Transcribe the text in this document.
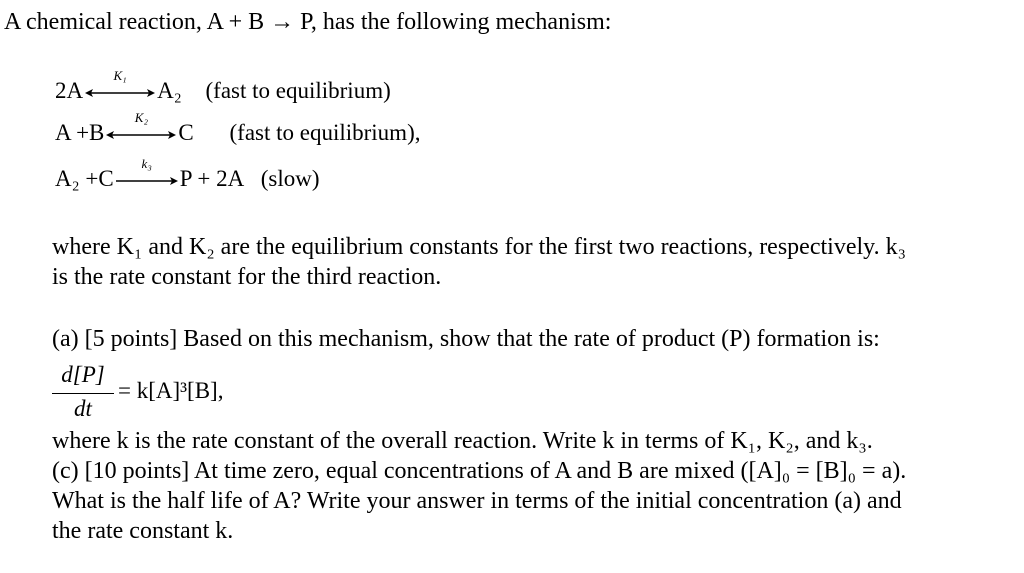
A chemical reaction, A + B → P, has the following mechanism:
2A
K₁
A₂ (fast to equilibrium)
A +B
K₂
C (fast to equilibrium),
A₂ +C
k₃
P + 2A (slow)
where K₁ and K₂ are the equilibrium constants for the first two reactions, respectively. k₃
is the rate constant for the third reaction.
(a) [5 points] Based on this mechanism, show that the rate of product (P) formation is:
d[P]
dt
= k[A]³[B],
where k is the rate constant of the overall reaction. Write k in terms of K₁, K₂, and k₃.
(c) [10 points] At time zero, equal concentrations of A and B are mixed ([A]₀ = [B]₀ = a).
What is the half life of A? Write your answer in terms of the initial concentration (a) and
the rate constant k.
